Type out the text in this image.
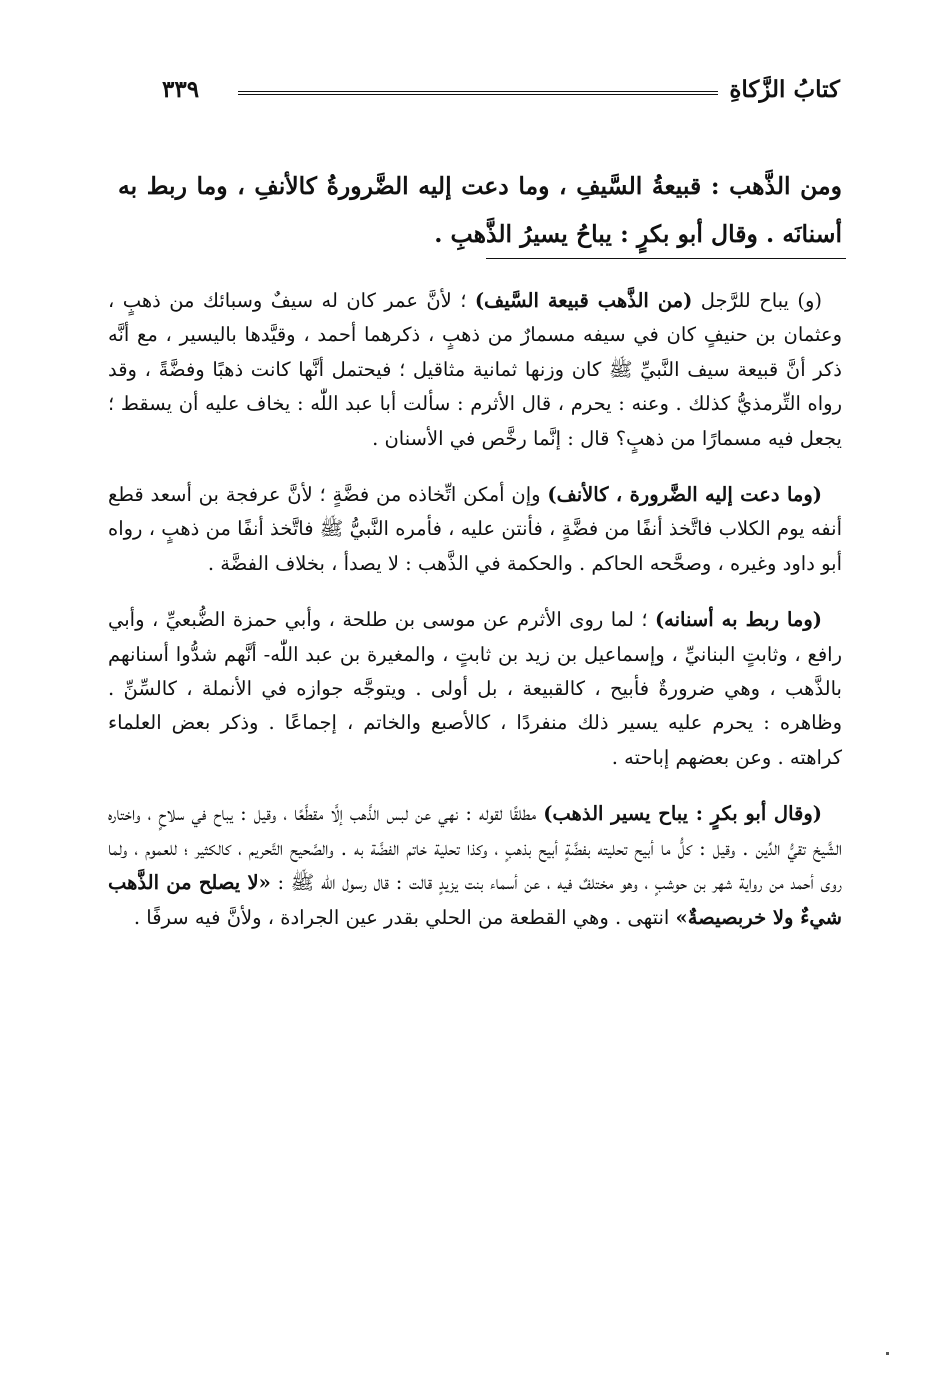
كتابُ الزَّكاةِ
٣٣٩
ومن الذَّهب : قبيعةُ السَّيفِ ، وما دعت إليه الضَّرورةُ كالأنفِ ، وما ربط به أسنانَه . وقال أبو بكرٍ : يباحُ يسيرُ الذَّهبِ .

(و) يباح للرَّجل (من الذَّهب قبيعة السَّيف) ؛ لأنَّ عمر كان له سيفٌ وسبائك من ذهبٍ ، وعثمان بن حنيفٍ كان في سيفه مسمارٌ من ذهبٍ ، ذكرهما أحمد ، وقيَّدها باليسير ، مع أنَّه ذكر أنَّ قبيعة سيف النَّبيِّ ﷺ كان وزنها ثمانية مثاقيل ؛ فيحتمل أنَّها كانت ذهبًا وفضَّةً ، وقد رواه التِّرمذيُّ كذلك . وعنه : يحرم ، قال الأثرم : سألت أبا عبد اللّٰه : يخاف عليه أن يسقط ؛ يجعل فيه مسمارًا من ذهبٍ؟ قال : إنَّما رخَّص في الأسنان .

(وما دعت إليه الضَّرورة ، كالأنف) وإن أمكن اتِّخاذه من فضَّةٍ ؛ لأنَّ عرفجة بن أسعد قطع أنفه يوم الكلاب فاتَّخذ أنفًا من فضَّةٍ ، فأنتن عليه ، فأمره النَّبيُّ ﷺ فاتَّخذ أنفًا من ذهبٍ ، رواه أبو داود وغيره ، وصحَّحه الحاكم . والحكمة في الذَّهب : لا يصدأ ، بخلاف الفضَّة .

(وما ربط به أسنانه) ؛ لما روى الأثرم عن موسى بن طلحة ، وأبي حمزة الضُّبعيِّ ، وأبي رافع ، وثابتٍ البنانيِّ ، وإسماعيل بن زيد بن ثابتٍ ، والمغيرة بن عبد اللّٰه- أنَّهم شدُّوا أسنانهم بالذَّهب ، وهي ضرورةٌ فأبيح ، كالقبيعة ، بل أولى . ويتوجَّه جوازه في الأنملة ، كالسِّنِّ . وظاهره : يحرم عليه يسير ذلك منفردًا ، كالأصبع والخاتم ، إجماعًا . وذكر بعض العلماء كراهته . وعن بعضهم إباحته .

(وقال أبو بكرٍ : يباح يسير الذهب) مطلقًا لقوله : نهي عن لبس الذَّهب إلَّا مقطَّعًا ، وقيل : يباح في سلاحٍ ، واختاره الشَّيخ تقيُّ الدِّين . وقيل : كلُّ ما أبيح تحليته بفضَّةٍ أبيح بذهبٍ ، وكذا تحلية خاتم الفضَّة به . والصَّحيح التَّحريم ، كالكثير ؛ للعموم ، ولما روى أحمد من رواية شهر بن حوشبٍ ، وهو مختلفٌ فيه ، عن أسماء بنت يزيدٍ قالت : قال رسول اللّٰه ﷺ : «لا يصلح من الذَّهب شيءٌ ولا خربصيصةٌ» انتهى . وهي القطعة من الحلي بقدر عين الجرادة ، ولأنَّ فيه سرفًا .
